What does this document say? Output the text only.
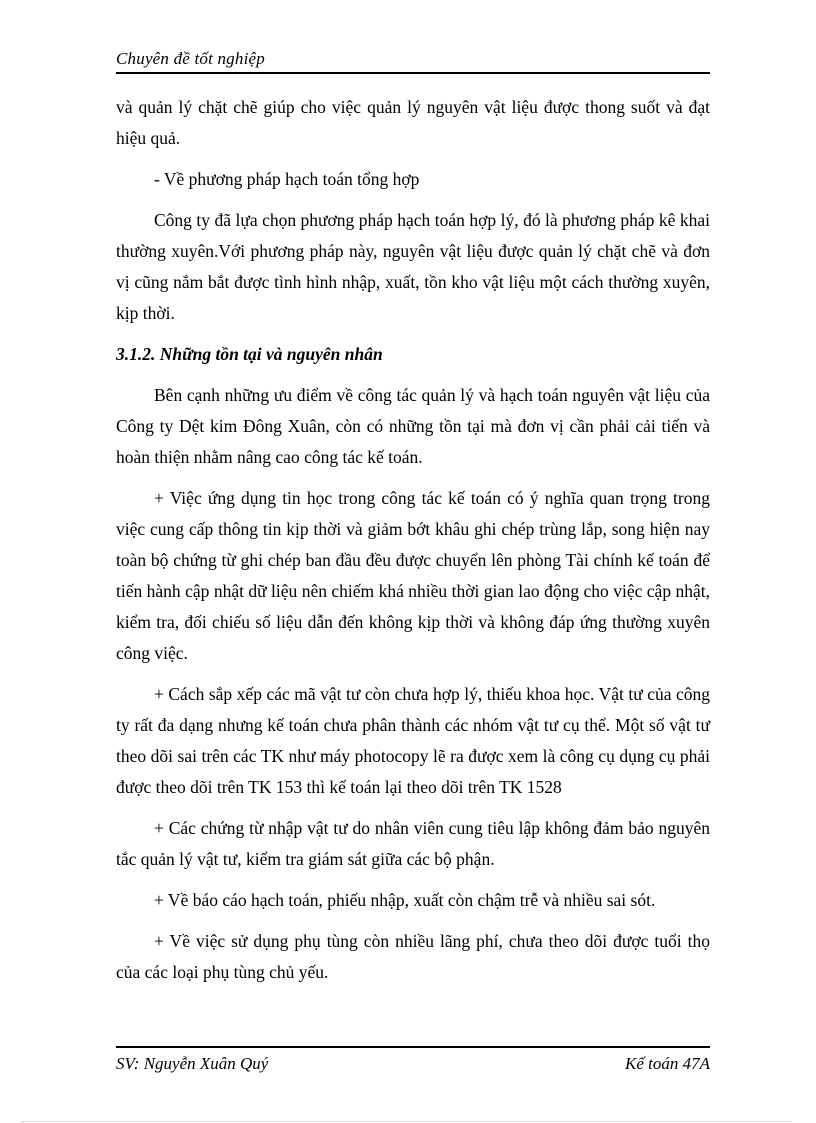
Chuyên đề tốt nghiệp

và quản lý chặt chẽ giúp cho việc quản lý nguyên vật liệu được thong suốt và đạt hiệu quả.

- Về phương pháp hạch toán tổng hợp

Công ty đã lựa chọn phương pháp hạch toán hợp lý, đó là phương pháp kê khai thường xuyên.Với phương pháp này, nguyên vật liệu được quản lý chặt chẽ và đơn vị cũng nắm bắt được tình hình nhập, xuất, tồn kho vật liệu một cách thường xuyên, kịp thời.

3.1.2. Những tồn tại và nguyên nhân

Bên cạnh những ưu điểm về công tác quản lý và hạch toán nguyên vật liệu của Công ty Dệt kim Đông Xuân, còn có những tồn tại mà đơn vị cần phải cải tiến và hoàn thiện nhằm nâng cao công tác kế toán.

+ Việc ứng dụng tin học trong công tác kế toán có ý nghĩa quan trọng trong việc cung cấp thông tin kịp thời và giảm bớt khâu ghi chép trùng lắp, song hiện nay toàn bộ chứng từ ghi chép ban đầu đều được chuyển lên phòng Tài chính kế toán để tiến hành cập nhật dữ liệu nên chiếm khá nhiều thời gian lao động cho việc cập nhật, kiểm tra, đối chiếu số liệu dẫn đến không kịp thời và không đáp ứng thường xuyên công việc.

+ Cách sắp xếp các mã vật tư còn chưa hợp lý, thiếu khoa học. Vật tư của công ty rất đa dạng nhưng kế toán chưa phân thành các nhóm vật tư cụ thể. Một số vật tư theo dõi sai trên các TK như máy photocopy lẽ ra được xem là công cụ dụng cụ phải được theo dõi trên TK 153 thì kế toán lại theo dõi trên TK 1528

+ Các chứng từ nhập vật tư do nhân viên cung tiêu lập không đảm bảo nguyên tắc quản lý vật tư, kiểm tra giám sát giữa các bộ phận.

+ Về báo cáo hạch toán, phiếu nhập, xuất còn chậm trễ và nhiều sai sót.

+ Về việc sử dụng phụ tùng còn nhiều lãng phí, chưa theo dõi được tuổi thọ của các loại phụ tùng chủ yếu.

SV: Nguyễn Xuân Quý	Kế toán 47A
